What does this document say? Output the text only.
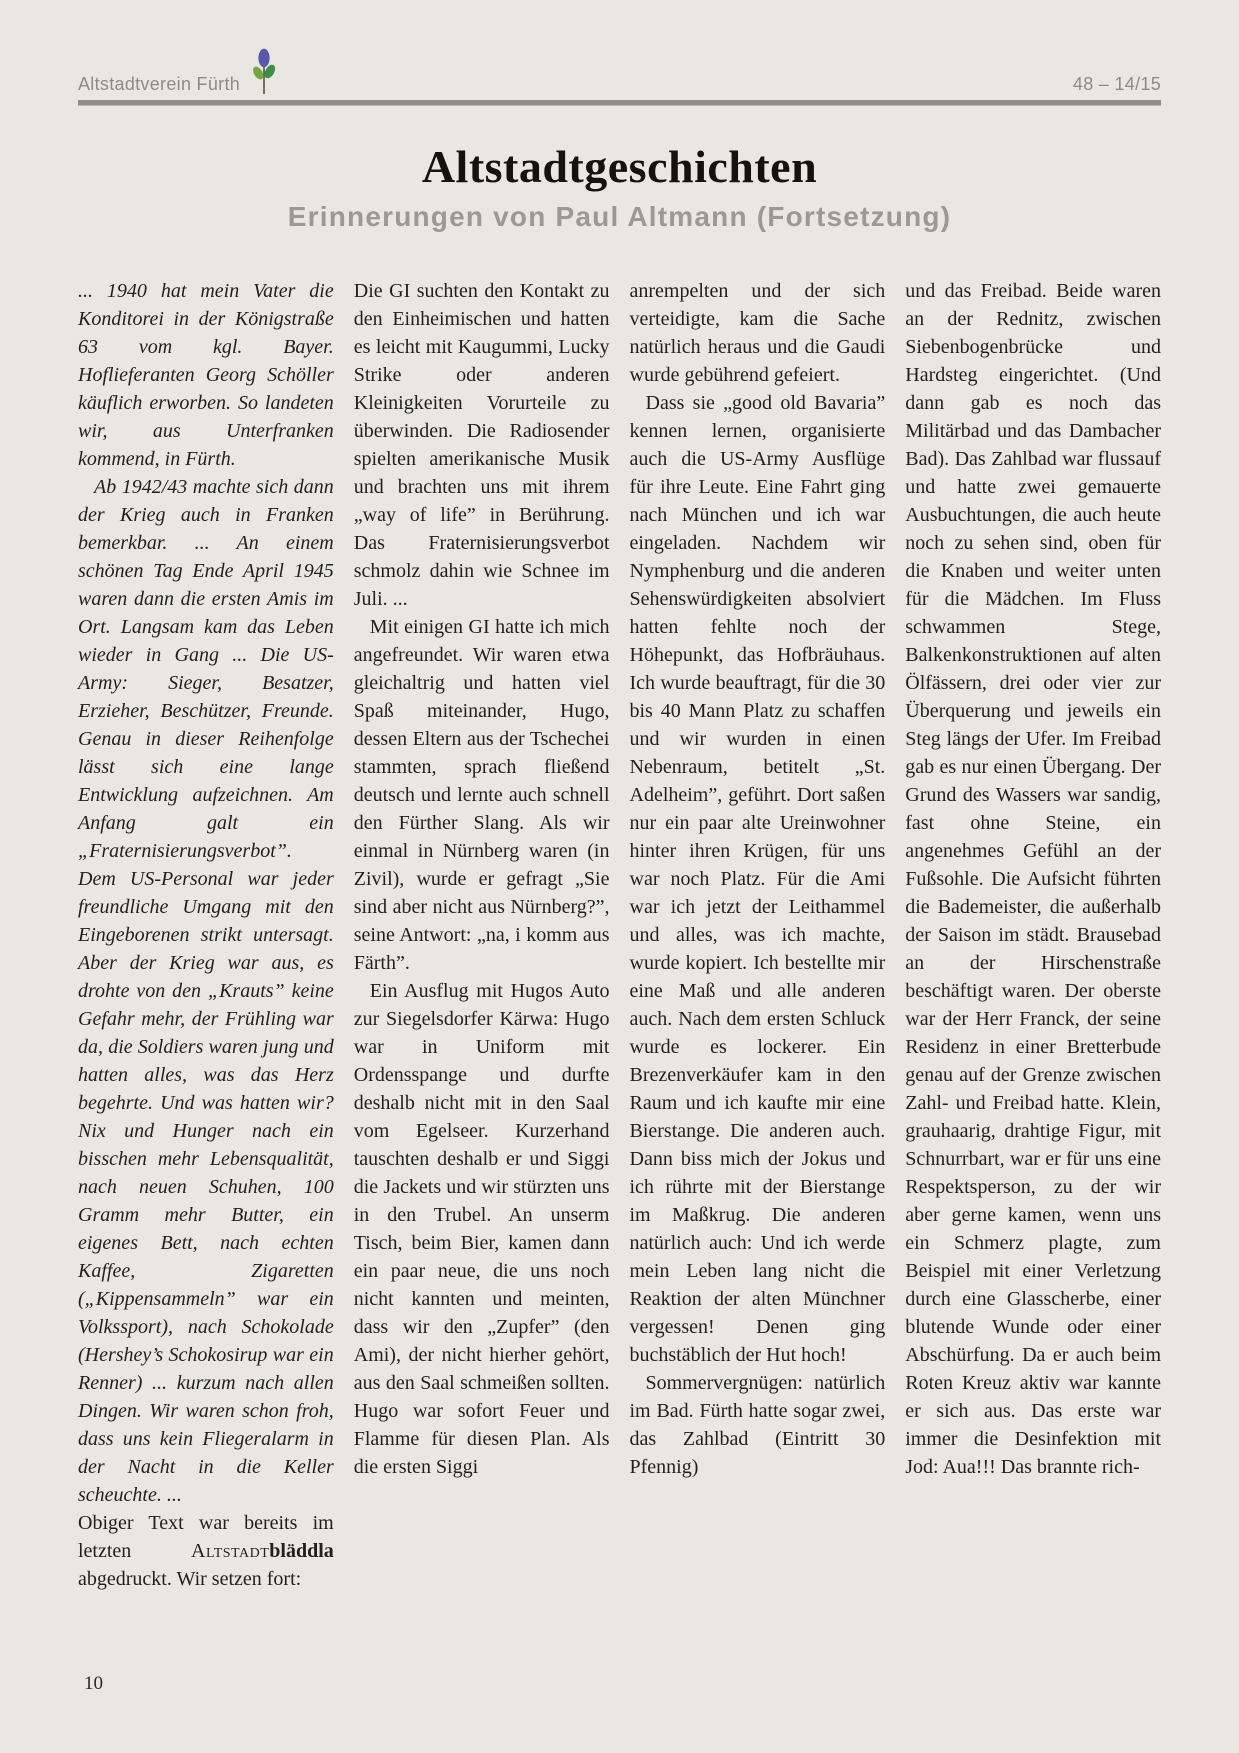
Altstadtverein Fürth	48 – 14/15
Altstadtgeschichten
Erinnerungen von Paul Altmann (Fortsetzung)

... 1940 hat mein Vater die Konditorei in der Königstraße 63 vom kgl. Bayer. Hoflieferanten Georg Schöller käuflich erworben. So landeten wir, aus Unterfranken kommend, in Fürth.

Ab 1942/43 machte sich dann der Krieg auch in Franken bemerkbar. ... An einem schönen Tag Ende April 1945 waren dann die ersten Amis im Ort. Langsam kam das Leben wieder in Gang ... Die US-Army: Sieger, Besatzer, Erzieher, Beschützer, Freunde. Genau in dieser Reihenfolge lässt sich eine lange Entwicklung aufzeichnen. Am Anfang galt ein „Fraternisierungsverbot”. Dem US-Personal war jeder freundliche Umgang mit den Eingeborenen strikt untersagt. Aber der Krieg war aus, es drohte von den „Krauts” keine Gefahr mehr, der Frühling war da, die Soldiers waren jung und hatten alles, was das Herz begehrte. Und was hatten wir? Nix und Hunger nach ein bisschen mehr Lebensqualität, nach neuen Schuhen, 100 Gramm mehr Butter, ein eigenes Bett, nach echten Kaffee, Zigaretten („Kippensammeln” war ein Volkssport), nach Schokolade (Hershey’s Schokosirup war ein Renner) ... kurzum nach allen Dingen. Wir waren schon froh, dass uns kein Fliegeralarm in der Nacht in die Keller scheuchte. ...

Obiger Text war bereits im letzten Altstadtbläddla abgedruckt. Wir setzen fort:

Die GI suchten den Kontakt zu den Einheimischen und hatten es leicht mit Kaugummi, Lucky Strike oder anderen Kleinigkeiten Vorurteile zu überwinden. Die Radiosender spielten amerikanische Musik und brachten uns mit ihrem „way of life” in Berührung. Das Fraternisierungsverbot schmolz dahin wie Schnee im Juli. ...

Mit einigen GI hatte ich mich angefreundet. Wir waren etwa gleichaltrig und hatten viel Spaß miteinander, Hugo, dessen Eltern aus der Tschechei stammten, sprach fließend deutsch und lernte auch schnell den Fürther Slang. Als wir einmal in Nürnberg waren (in Zivil), wurde er gefragt „Sie sind aber nicht aus Nürnberg?”, seine Antwort: „na, i komm aus Färth”.

Ein Ausflug mit Hugos Auto zur Siegelsdorfer Kärwa: Hugo war in Uniform mit Ordensspange und durfte deshalb nicht mit in den Saal vom Egelseer. Kurzerhand tauschten deshalb er und Siggi die Jackets und wir stürzten uns in den Trubel. An unserm Tisch, beim Bier, kamen dann ein paar neue, die uns noch nicht kannten und meinten, dass wir den „Zupfer” (den Ami), der nicht hierher gehört, aus den Saal schmeißen sollten. Hugo war sofort Feuer und Flamme für diesen Plan. Als die ersten Siggi

anrempelten und der sich verteidigte, kam die Sache natürlich heraus und die Gaudi wurde gebührend gefeiert.

Dass sie „good old Bavaria” kennen lernen, organisierte auch die US-Army Ausflüge für ihre Leute. Eine Fahrt ging nach München und ich war eingeladen. Nachdem wir Nymphenburg und die anderen Sehenswürdigkeiten absolviert hatten fehlte noch der Höhepunkt, das Hofbräuhaus. Ich wurde beauftragt, für die 30 bis 40 Mann Platz zu schaffen und wir wurden in einen Nebenraum, betitelt „St. Adelheim”, geführt. Dort saßen nur ein paar alte Ureinwohner hinter ihren Krügen, für uns war noch Platz. Für die Ami war ich jetzt der Leithammel und alles, was ich machte, wurde kopiert. Ich bestellte mir eine Maß und alle anderen auch. Nach dem ersten Schluck wurde es lockerer. Ein Brezenverkäufer kam in den Raum und ich kaufte mir eine Bierstange. Die anderen auch. Dann biss mich der Jokus und ich rührte mit der Bierstange im Maßkrug. Die anderen natürlich auch: Und ich werde mein Leben lang nicht die Reaktion der alten Münchner vergessen! Denen ging buchstäblich der Hut hoch!

Sommervergnügen: natürlich im Bad. Fürth hatte sogar zwei, das Zahlbad (Eintritt 30 Pfennig)

und das Freibad. Beide waren an der Rednitz, zwischen Siebenbogenbrücke und Hardsteg eingerichtet. (Und dann gab es noch das Militärbad und das Dambacher Bad). Das Zahlbad war flussauf und hatte zwei gemauerte Ausbuchtungen, die auch heute noch zu sehen sind, oben für die Knaben und weiter unten für die Mädchen. Im Fluss schwammen Stege, Balkenkonstruktionen auf alten Ölfässern, drei oder vier zur Überquerung und jeweils ein Steg längs der Ufer. Im Freibad gab es nur einen Übergang. Der Grund des Wassers war sandig, fast ohne Steine, ein angenehmes Gefühl an der Fußsohle. Die Aufsicht führten die Bademeister, die außerhalb der Saison im städt. Brausebad an der Hirschenstraße beschäftigt waren. Der oberste war der Herr Franck, der seine Residenz in einer Bretterbude genau auf der Grenze zwischen Zahl- und Freibad hatte. Klein, grauhaarig, drahtige Figur, mit Schnurrbart, war er für uns eine Respektsperson, zu der wir aber gerne kamen, wenn uns ein Schmerz plagte, zum Beispiel mit einer Verletzung durch eine Glasscherbe, einer blutende Wunde oder einer Abschürfung. Da er auch beim Roten Kreuz aktiv war kannte er sich aus. Das erste war immer die Desinfektion mit Jod: Aua!!! Das brannte rich-

10
